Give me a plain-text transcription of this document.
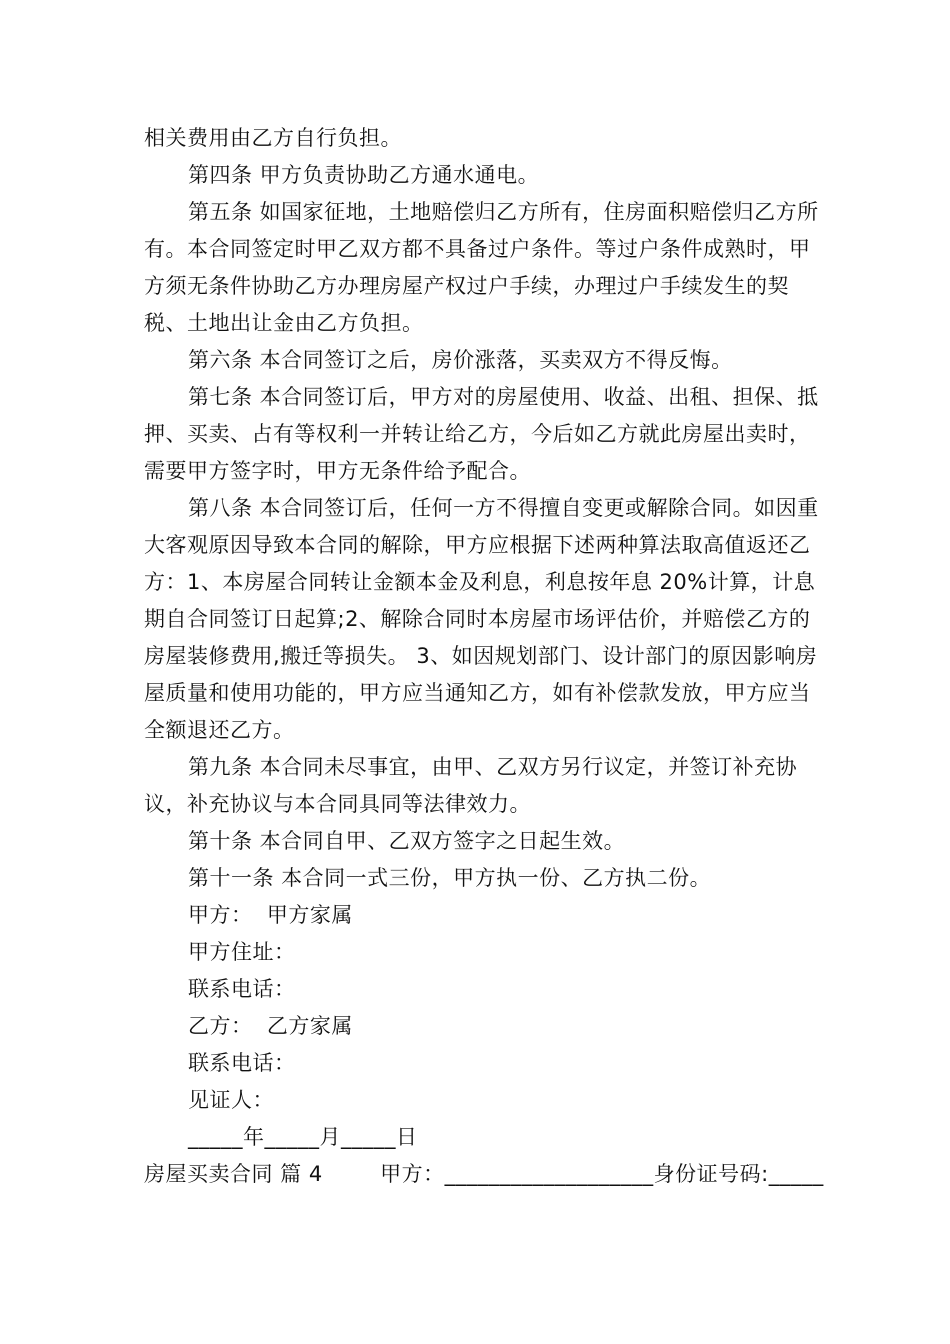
相关费用由乙方自行负担。

第四条 甲方负责协助乙方通水通电。

第五条 如国家征地，土地赔偿归乙方所有，住房面积赔偿归乙方所有。本合同签定时甲乙双方都不具备过户条件。等过户条件成熟时，甲方须无条件协助乙方办理房屋产权过户手续，办理过户手续发生的契税、土地出让金由乙方负担。

第六条 本合同签订之后，房价涨落，买卖双方不得反悔。

第七条 本合同签订后，甲方对的房屋使用、收益、出租、担保、抵押、买卖、占有等权利一并转让给乙方，今后如乙方就此房屋出卖时，需要甲方签字时，甲方无条件给予配合。

第八条 本合同签订后，任何一方不得擅自变更或解除合同。如因重大客观原因导致本合同的解除，甲方应根据下述两种算法取高值返还乙方：1、本房屋合同转让金额本金及利息，利息按年息 20%计算，计息期自合同签订日起算;2、解除合同时本房屋市场评估价，并赔偿乙方的房屋装修费用,搬迁等损失。 3、如因规划部门、设计部门的原因影响房屋质量和使用功能的，甲方应当通知乙方，如有补偿款发放，甲方应当全额退还乙方。

第九条 本合同未尽事宜，由甲、乙双方另行议定，并签订补充协议，补充协议与本合同具同等法律效力。

第十条 本合同自甲、乙双方签字之日起生效。

第十一条 本合同一式三份，甲方执一份、乙方执二份。

甲方：  甲方家属

甲方住址：

联系电话：

乙方：  乙方家属

联系电话：

见证人：

_____年_____月_____日

房屋买卖合同 篇 4        甲方：___________________身份证号码:_____
